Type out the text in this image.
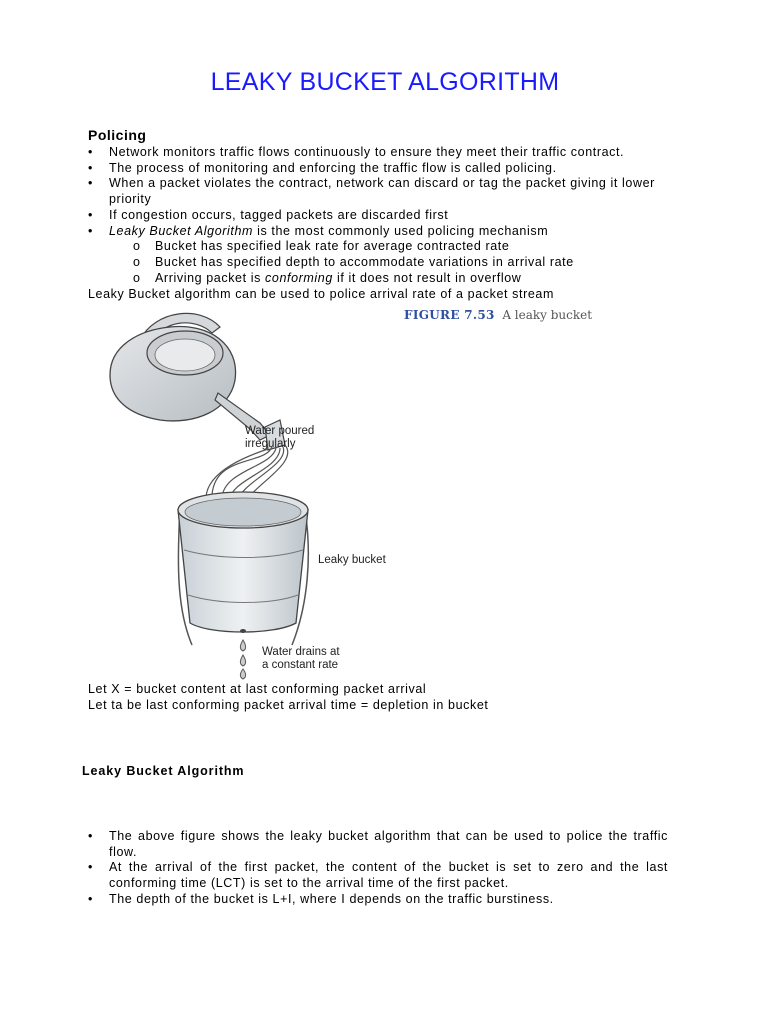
LEAKY BUCKET ALGORITHM
Policing
•	Network monitors traffic flows continuously to ensure they meet their traffic contract.
•	The process of monitoring and enforcing the traffic flow is called policing.
•	When a packet violates the contract, network can discard or tag the packet giving it lower priority
•	If congestion occurs, tagged packets are discarded first
•	Leaky Bucket Algorithm is the most commonly used policing mechanism
o	Bucket has specified leak rate for average contracted rate
o	Bucket has specified depth to accommodate variations in arrival rate
o	Arriving packet is conforming if it does not result in overflow

Leaky Bucket algorithm can be used to police arrival rate of a packet stream

FIGURE 7.53 A leaky bucket

Water poured
irregularly

Leaky bucket

Water drains at
a constant rate

Let X = bucket content at last conforming packet arrival

Let ta be last conforming packet arrival time = depletion in bucket

Leaky Bucket Algorithm
• The above figure shows the leaky bucket algorithm that can be used to police the traffic flow.
• At the arrival of the first packet, the content of the bucket is set to zero and the last conforming time (LCT) is set to the arrival time of the first packet.
• The depth of the bucket is L+I, where I depends on the traffic burstiness.
